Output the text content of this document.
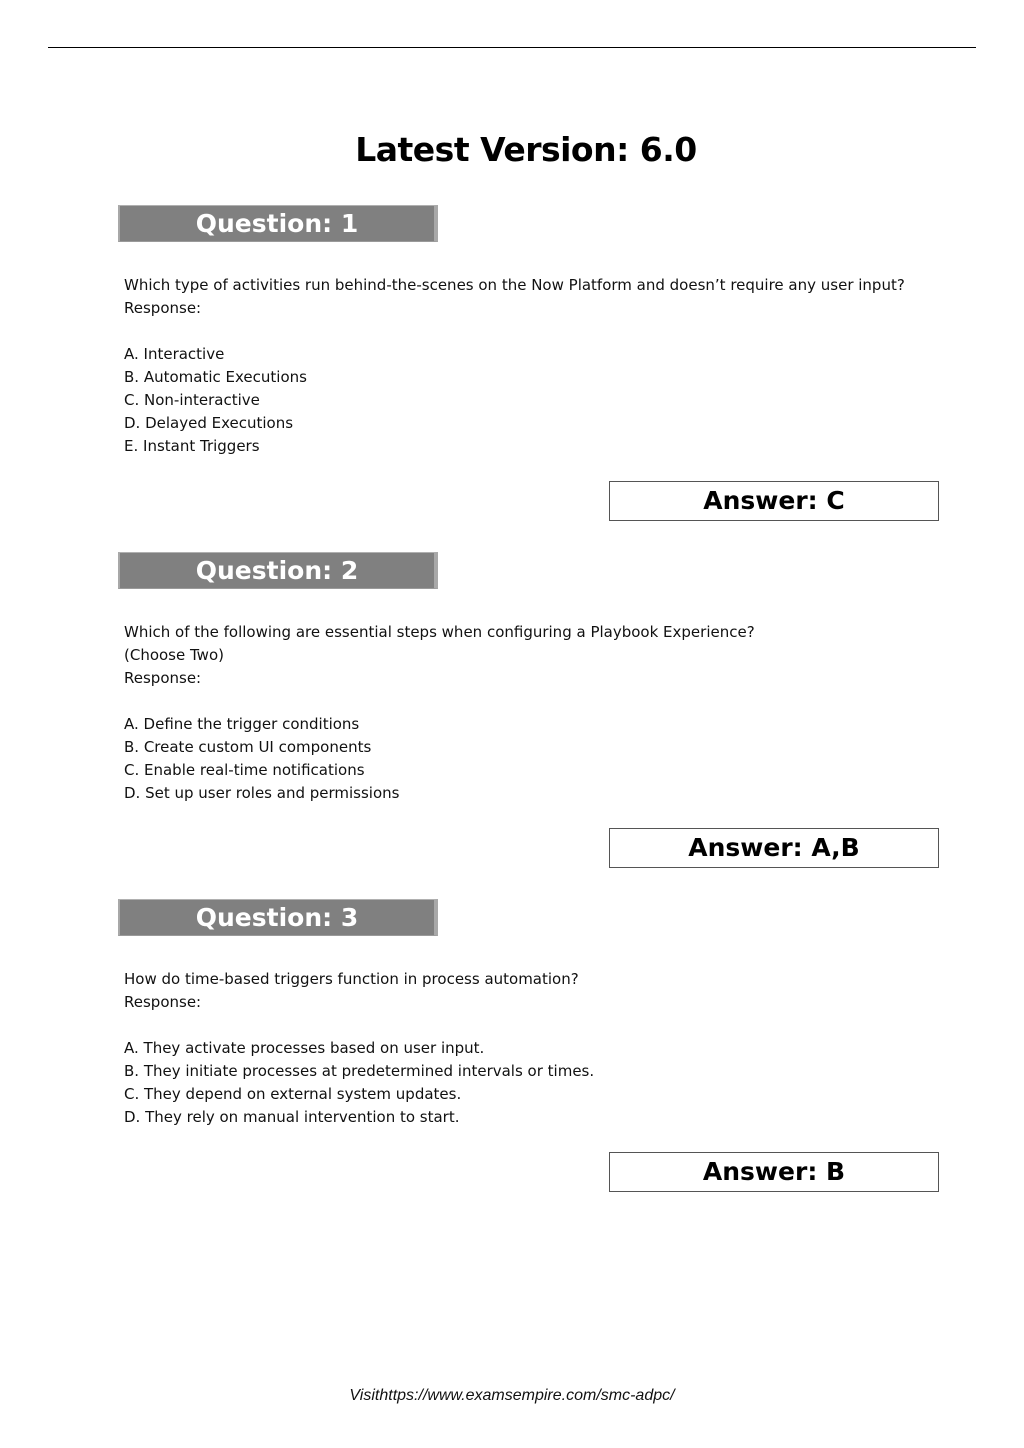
Latest Version: 6.0
Question: 1
Which type of activities run behind-the-scenes on the Now Platform and doesn’t require any user input?
Response:
A. Interactive
B. Automatic Executions
C. Non-interactive
D. Delayed Executions
E. Instant Triggers
Answer: C
Question: 2
Which of the following are essential steps when configuring a Playbook Experience?
(Choose Two)
Response:
A. Define the trigger conditions
B. Create custom UI components
C. Enable real-time notifications
D. Set up user roles and permissions
Answer: A,B
Question: 3
How do time-based triggers function in process automation?
Response:
A. They activate processes based on user input.
B. They initiate processes at predetermined intervals or times.
C. They depend on external system updates.
D. They rely on manual intervention to start.
Answer: B
Visithttps://www.examsempire.com/smc-adpc/
